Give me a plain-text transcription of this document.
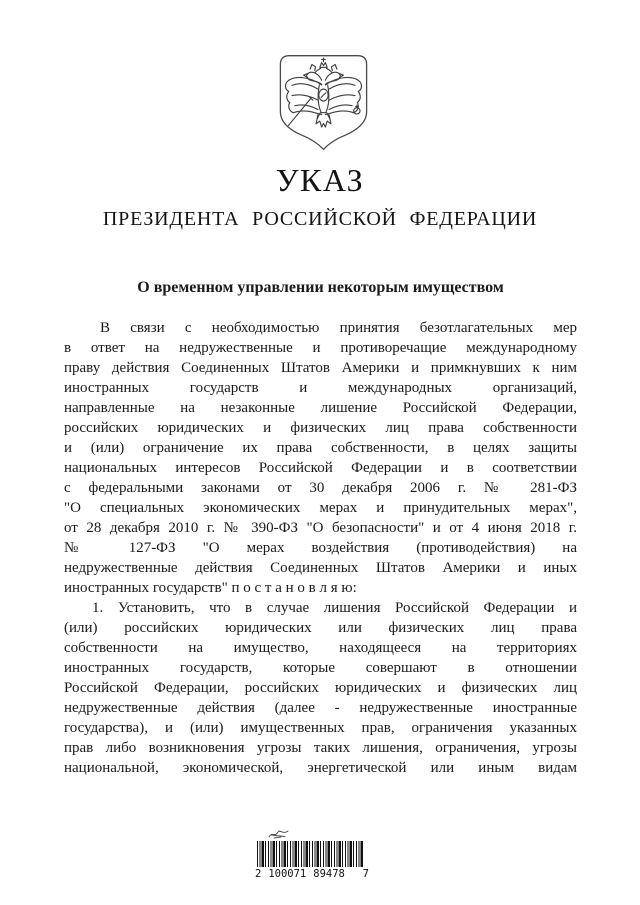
УКАЗ
ПРЕЗИДЕНТА РОССИЙСКОЙ ФЕДЕРАЦИИ
О временном управлении некоторым имуществом
В связи с необходимостью принятия безотлагательных мер
в ответ на недружественные и противоречащие международному
праву действия Соединенных Штатов Америки и примкнувших к ним
иностранных государств и международных организаций,
направленные на незаконные лишение Российской Федерации,
российских юридических и физических лиц права собственности
и (или) ограничение их права собственности, в целях защиты
национальных интересов Российской Федерации и в соответствии
с федеральными законами от 30 декабря 2006 г. № 281-ФЗ
"О специальных экономических мерах и принудительных мерах",
от 28 декабря 2010 г. № 390-ФЗ "О безопасности" и от 4 июня 2018 г.
№ 127-ФЗ "О мерах воздействия (противодействия) на
недружественные действия Соединенных Штатов Америки и иных
иностранных государств" п о с т а н о в л я ю:
1. Установить, что в случае лишения Российской Федерации и
(или) российских юридических или физических лиц права
собственности на имущество, находящееся на территориях
иностранных государств, которые совершают в отношении
Российской Федерации, российских юридических и физических лиц
недружественные действия (далее - недружественные иностранные
государства), и (или) имущественных прав, ограничения указанных
прав либо возникновения угрозы таких лишения, ограничения, угрозы
национальной, экономической, энергетической или иным видам
2 100071 89478 7
